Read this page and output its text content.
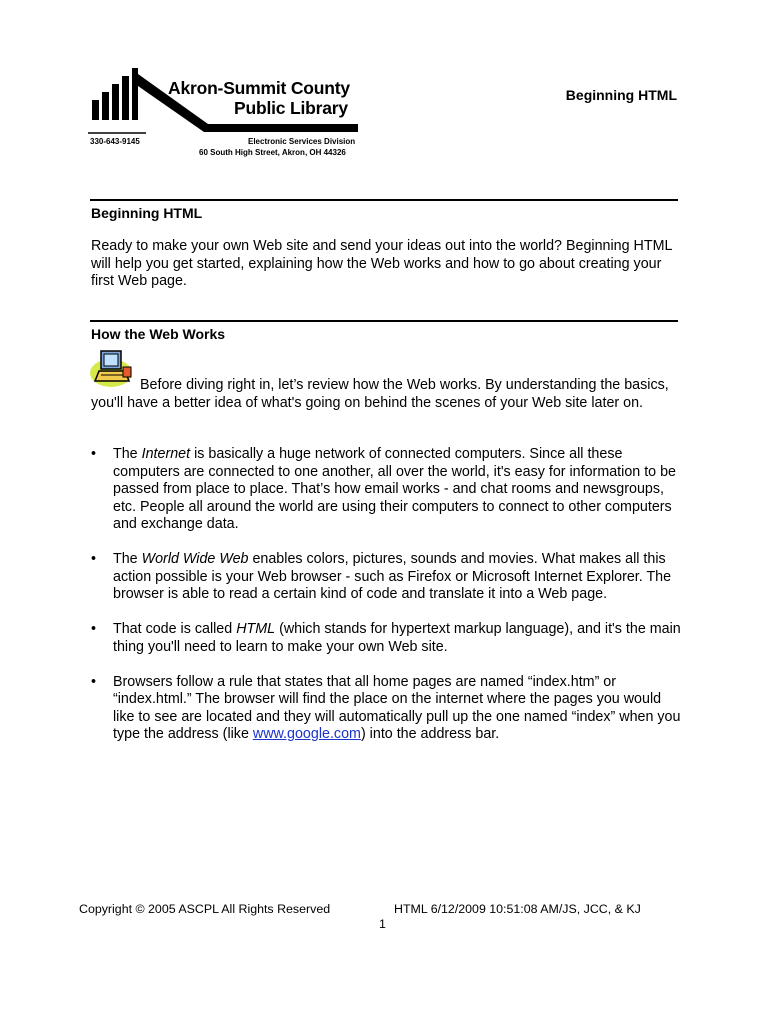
Akron-Summit County
Public Library
330-643-9145	Electronic Services Division
60 South High Street, Akron, OH 44326
Beginning HTML
Beginning HTML

Ready to make your own Web site and send your ideas out into the world? Beginning HTML will help you get started, explaining how the Web works and how to go about creating your first Web page.

How the Web Works

Before diving right in, let’s review how the Web works. By understanding the basics, you'll have a better idea of what's going on behind the scenes of your Web site later on.

• The Internet is basically a huge network of connected computers. Since all these computers are connected to one another, all over the world, it's easy for information to be passed from place to place. That’s how email works - and chat rooms and newsgroups, etc. People all around the world are using their computers to connect to other computers and exchange data.
• The World Wide Web enables colors, pictures, sounds and movies. What makes all this action possible is your Web browser - such as Firefox or Microsoft Internet Explorer. The browser is able to read a certain kind of code and translate it into a Web page.
• That code is called HTML (which stands for hypertext markup language), and it's the main thing you'll need to learn to make your own Web site.
• Browsers follow a rule that states that all home pages are named “index.htm” or “index.html.” The browser will find the place on the internet where the pages you would like to see are located and they will automatically pull up the one named “index” when you type the address (like www.google.com) into the address bar.
Copyright © 2005 ASCPL All Rights Reserved	HTML 6/12/2009 10:51:08 AM/JS, JCC, & KJ
1
